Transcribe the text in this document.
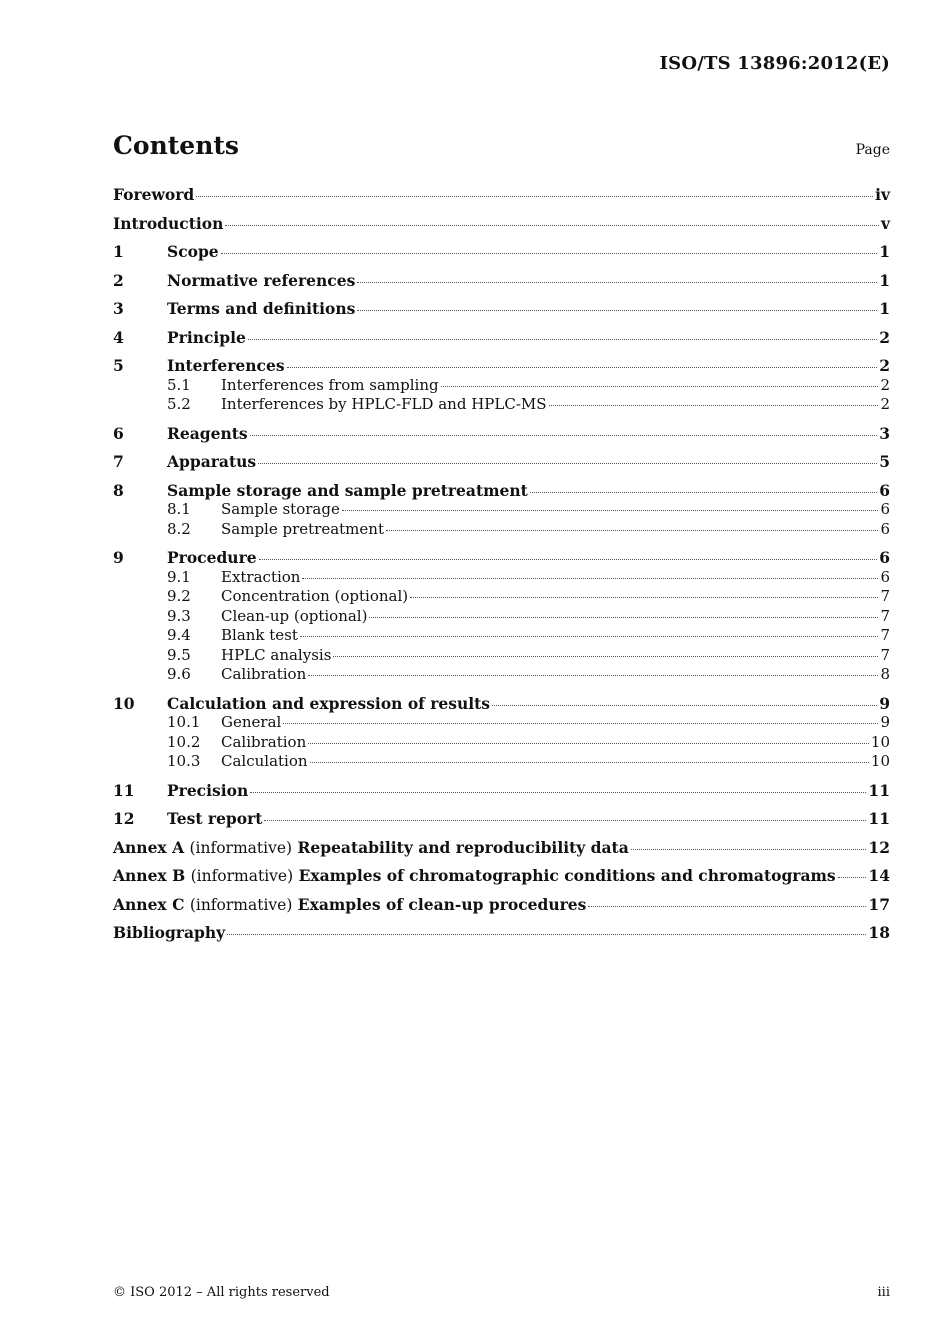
ISO/TS 13896:2012(E)
Contents	Page
Foreword	iv
Introduction	v
1	Scope	1
2	Normative references	1
3	Terms and definitions	1
4	Principle	2
5	Interferences	2
5.1	Interferences from sampling	2
5.2	Interferences by HPLC-FLD and HPLC-MS	2
6	Reagents	3
7	Apparatus	5
8	Sample storage and sample pretreatment	6
8.1	Sample storage	6
8.2	Sample pretreatment	6
9	Procedure	6
9.1	Extraction	6
9.2	Concentration (optional)	7
9.3	Clean-up (optional)	7
9.4	Blank test	7
9.5	HPLC analysis	7
9.6	Calibration	8
10	Calculation and expression of results	9
10.1	General	9
10.2	Calibration	10
10.3	Calculation	10
11	Precision	11
12	Test report	11
Annex A (informative) Repeatability and reproducibility data	12
Annex B (informative) Examples of chromatographic conditions and chromatograms 14
Annex C (informative) Examples of clean-up procedures	17
Bibliography	18
© ISO 2012 – All rights reserved	iii
